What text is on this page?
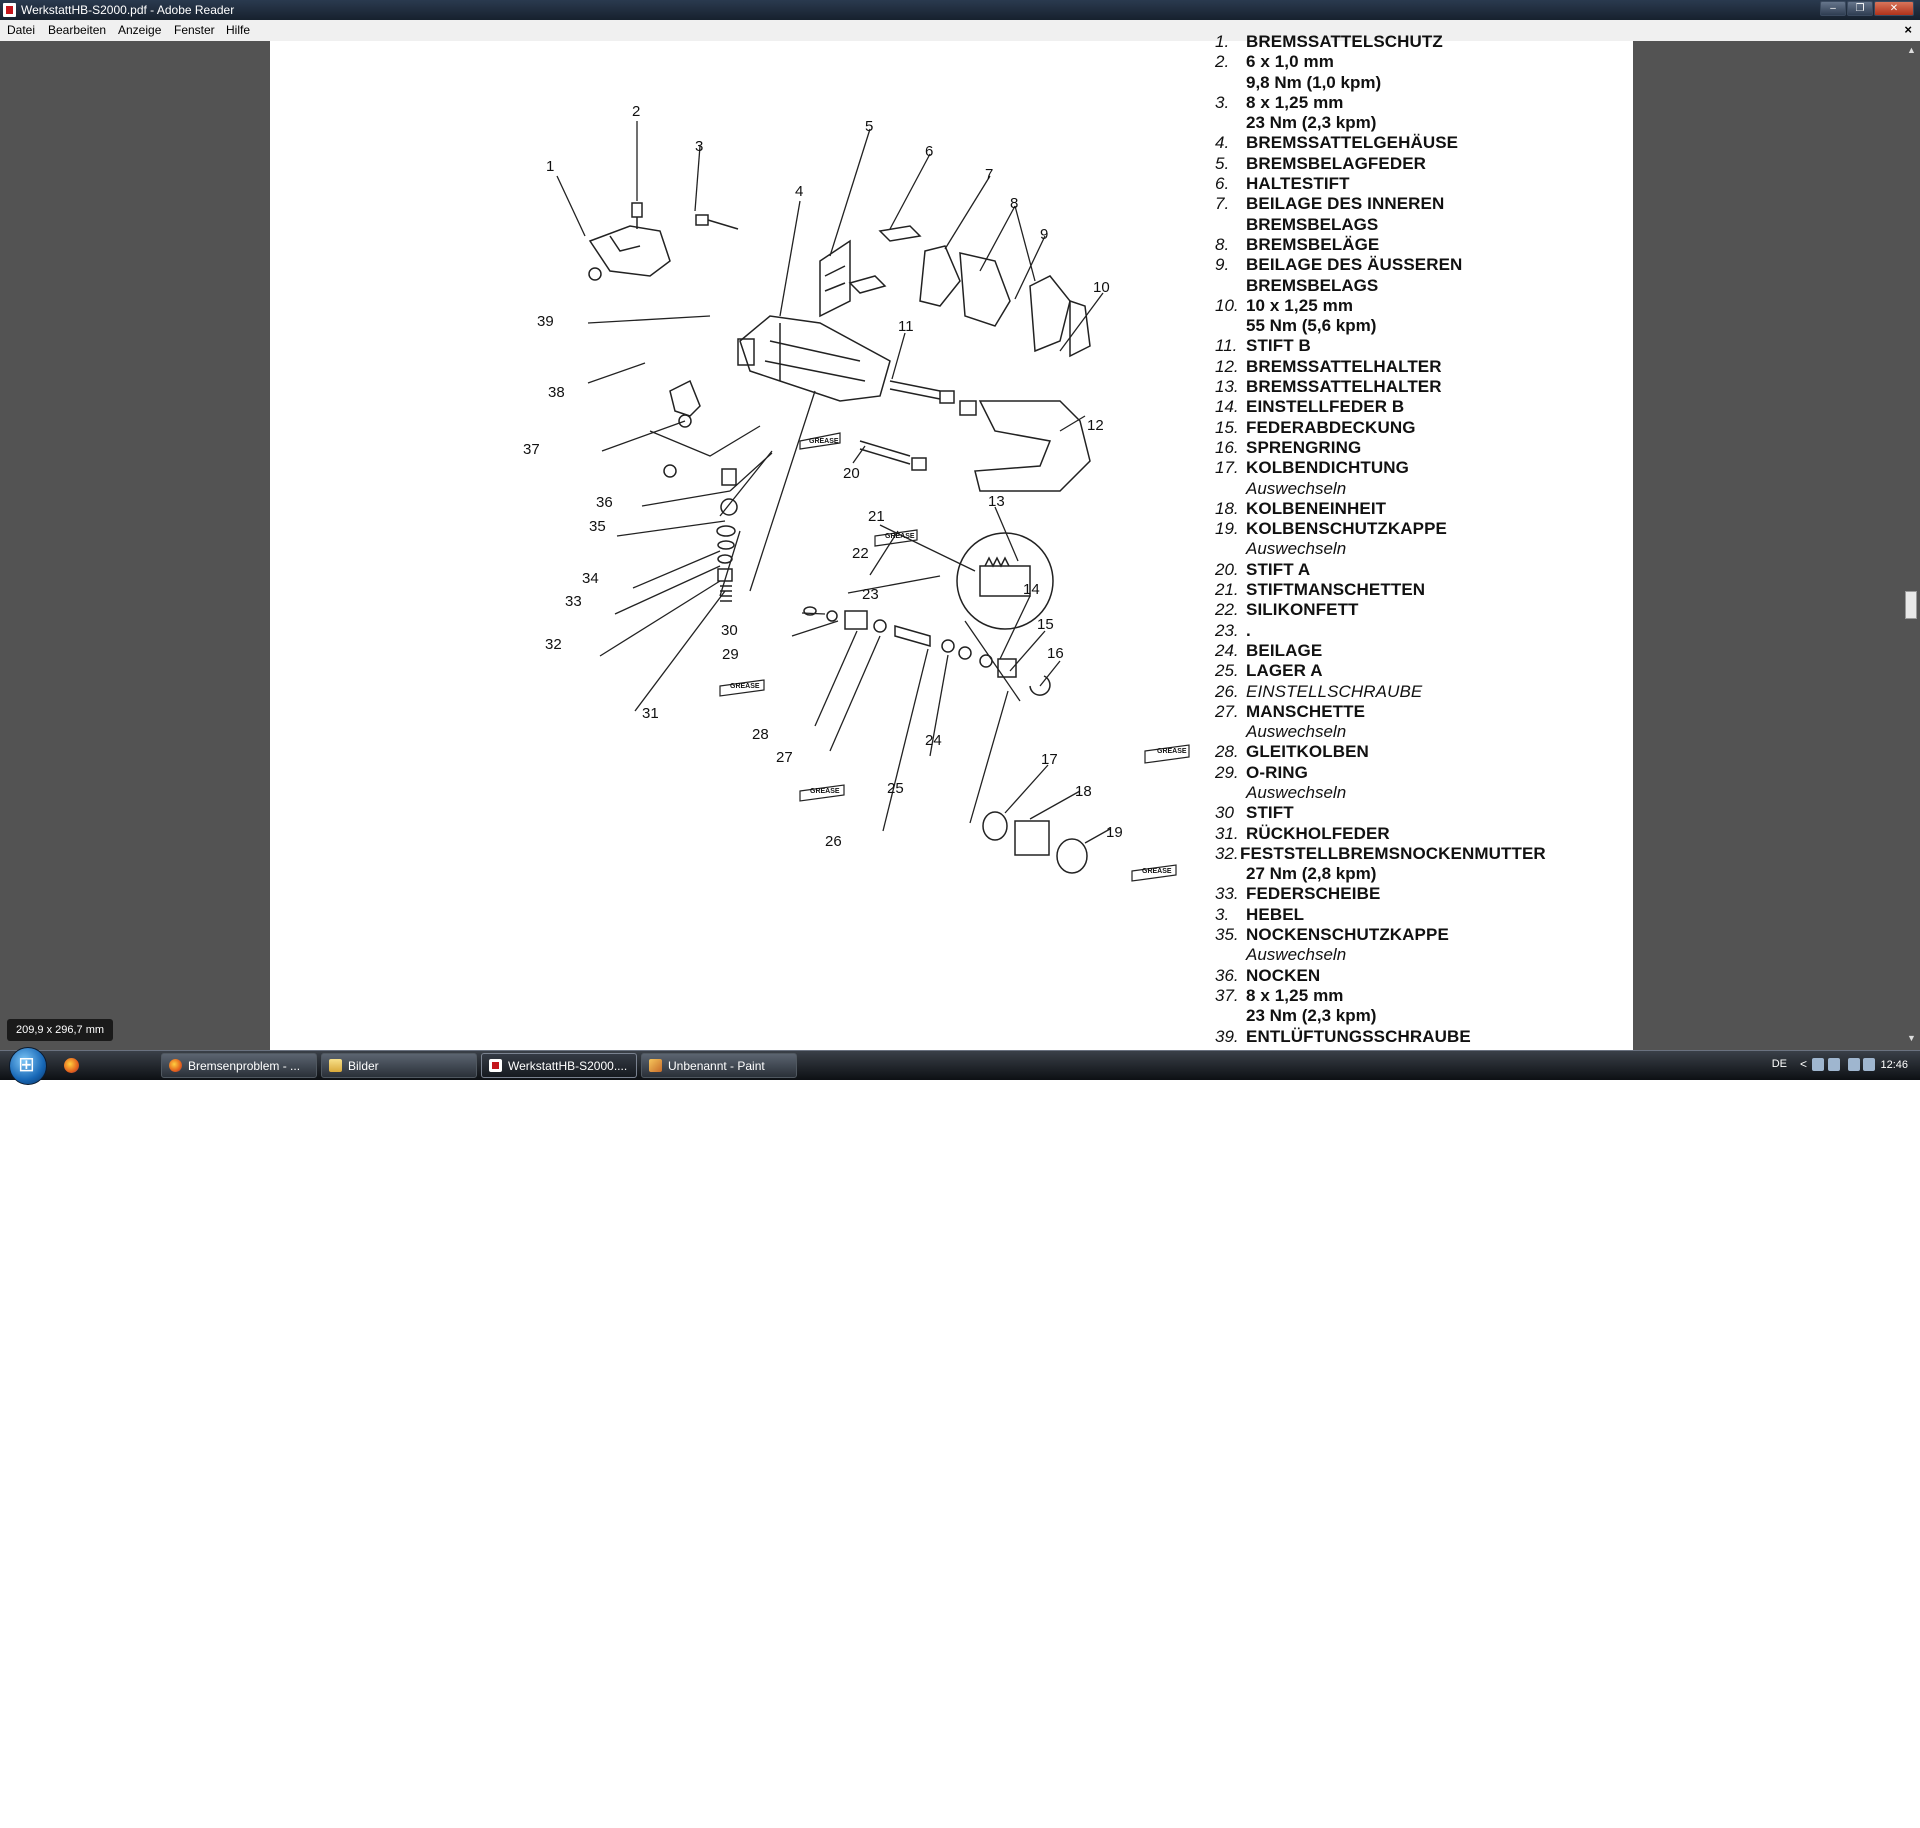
WerkstattHB-S2000.pdf - Adobe Reader	–	❐	✕
Datei Bearbeiten Anzeige Fenster Hilfe	×
1
2
3
4
5
6
7
8
9
10
11
12
13
14
15
16
17
18
19
20
21
22
23
24
25
26
27
28
29
30
31
32
33
34
35
36
37
38
39
GREASE
GREASE
GREASE
GREASE
GREASE
GREASE
1. BREMSSATTELSCHUTZ
2. 6 x 1,0 mm
9,8 Nm (1,0 kpm)
3. 8 x 1,25 mm
23 Nm (2,3 kpm)
4. BREMSSATTELGEHÄUSE
5. BREMSBELAGFEDER
6. HALTESTIFT
7. BEILAGE DES INNEREN
BREMSBELAGS
8. BREMSBELÄGE
9. BEILAGE DES ÄUSSEREN
BREMSBELAGS
10. 10 x 1,25 mm
55 Nm (5,6 kpm)
11. STIFT B
12. BREMSSATTELHALTER
13. BREMSSATTELHALTER
14. EINSTELLFEDER B
15. FEDERABDECKUNG
16. SPRENGRING
17. KOLBENDICHTUNG
Auswechseln
18. KOLBENEINHEIT
19. KOLBENSCHUTZKAPPE
Auswechseln
20. STIFT A
21. STIFTMANSCHETTEN
22. SILIKONFETT
23. .
24. BEILAGE
25. LAGER A
26. EINSTELLSCHRAUBE
27. MANSCHETTE
Auswechseln
28. GLEITKOLBEN
29. O-RING
Auswechseln
30 STIFT
31. RÜCKHOLFEDER
32. FESTSTELLBREMSNOCKENMUTTER
27 Nm (2,8 kpm)
33. FEDERSCHEIBE
3. HEBEL
35. NOCKENSCHUTZKAPPE
Auswechseln
36. NOCKEN
37. 8 x 1,25 mm
23 Nm (2,3 kpm)
39. ENTLÜFTUNGSSCHRAUBE
▲
▼
209,9 x 296,7 mm
⊞
Bremsenproblem - ...	Bilder	WerkstattHB-S2000....	Unbenannt - Paint	DE <	12:46
